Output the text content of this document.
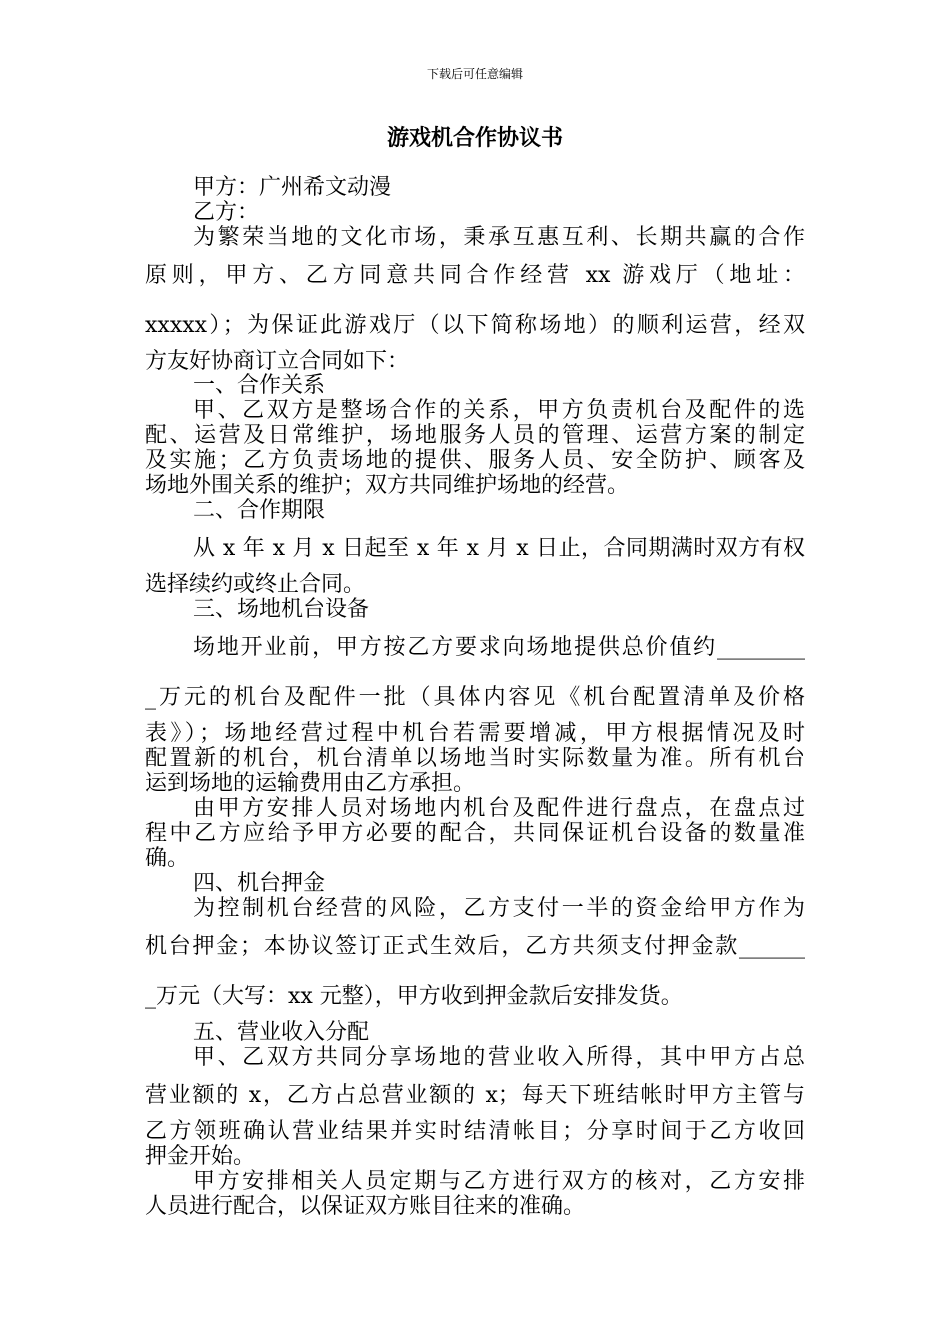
下载后可任意编辑
游戏机合作协议书
甲方：广州希文动漫
乙方：
为繁荣当地的文化市场，秉承互惠互利、长期共赢的合作
原则，甲方、乙方同意共同合作经营 xx 游戏厅（地址：
xxxxx）；为保证此游戏厅（以下简称场地）的顺利运营，经双
方友好协商订立合同如下：
一、合作关系
甲、乙双方是整场合作的关系，甲方负责机台及配件的选
配、运营及日常维护，场地服务人员的管理、运营方案的制定
及实施；乙方负责场地的提供、服务人员、安全防护、顾客及
场地外围关系的维护；双方共同维护场地的经营。
二、合作期限
从 x 年 x 月 x 日起至 x 年 x 月 x 日止，合同期满时双方有权
选择续约或终止合同。
三、场地机台设备
场地开业前，甲方按乙方要求向场地提供总价值约________
_万元的机台及配件一批（具体内容见《机台配置清单及价格
表》）；场地经营过程中机台若需要增减，甲方根据情况及时
配置新的机台，机台清单以场地当时实际数量为准。所有机台
运到场地的运输费用由乙方承担。
由甲方安排人员对场地内机台及配件进行盘点，在盘点过
程中乙方应给予甲方必要的配合，共同保证机台设备的数量准
确。
四、机台押金
为控制机台经营的风险，乙方支付一半的资金给甲方作为
机台押金；本协议签订正式生效后，乙方共须支付押金款______
_万元（大写：xx 元整），甲方收到押金款后安排发货。
五、营业收入分配
甲、乙双方共同分享场地的营业收入所得，其中甲方占总
营业额的 x，乙方占总营业额的 x；每天下班结帐时甲方主管与
乙方领班确认营业结果并实时结清帐目；分享时间于乙方收回
押金开始。
甲方安排相关人员定期与乙方进行双方的核对，乙方安排
人员进行配合，以保证双方账目往来的准确。
